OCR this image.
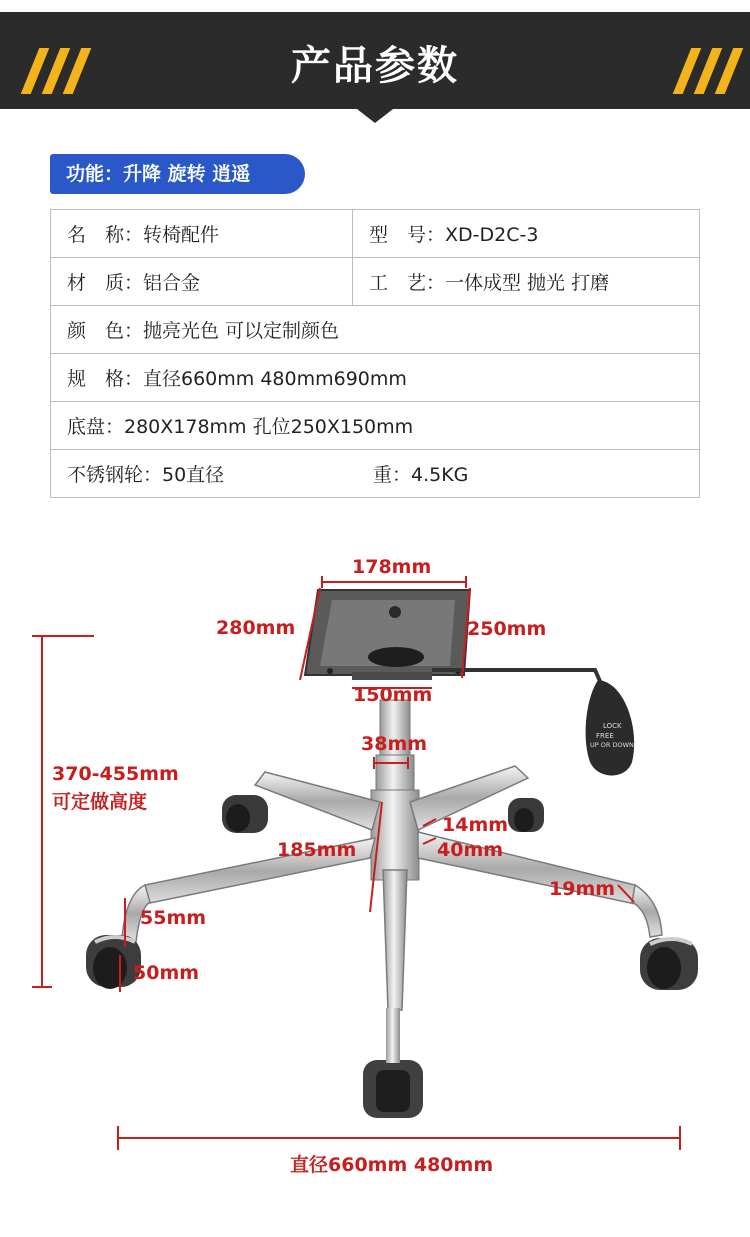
产品参数
功能：升降 旋转 逍遥
名　称：转椅配件	型　号：XD-D2C-3
材　质：铝合金	工　艺：一体成型 抛光 打磨
颜　色：抛亮光色 可以定制颜色	
规　格：直径660mm 480mm690mm	
底盘：280X178mm 孔位250X150mm	
不锈钢轮：50直径 重：4.5KG	
LOCK
FREE
UP OR DOWN
178mm
280mm	250mm
150mm
38mm
370-455mm
可定做高度
185mm
14mm
40mm
19mm
55mm
50mm
直径660mm 480mm
